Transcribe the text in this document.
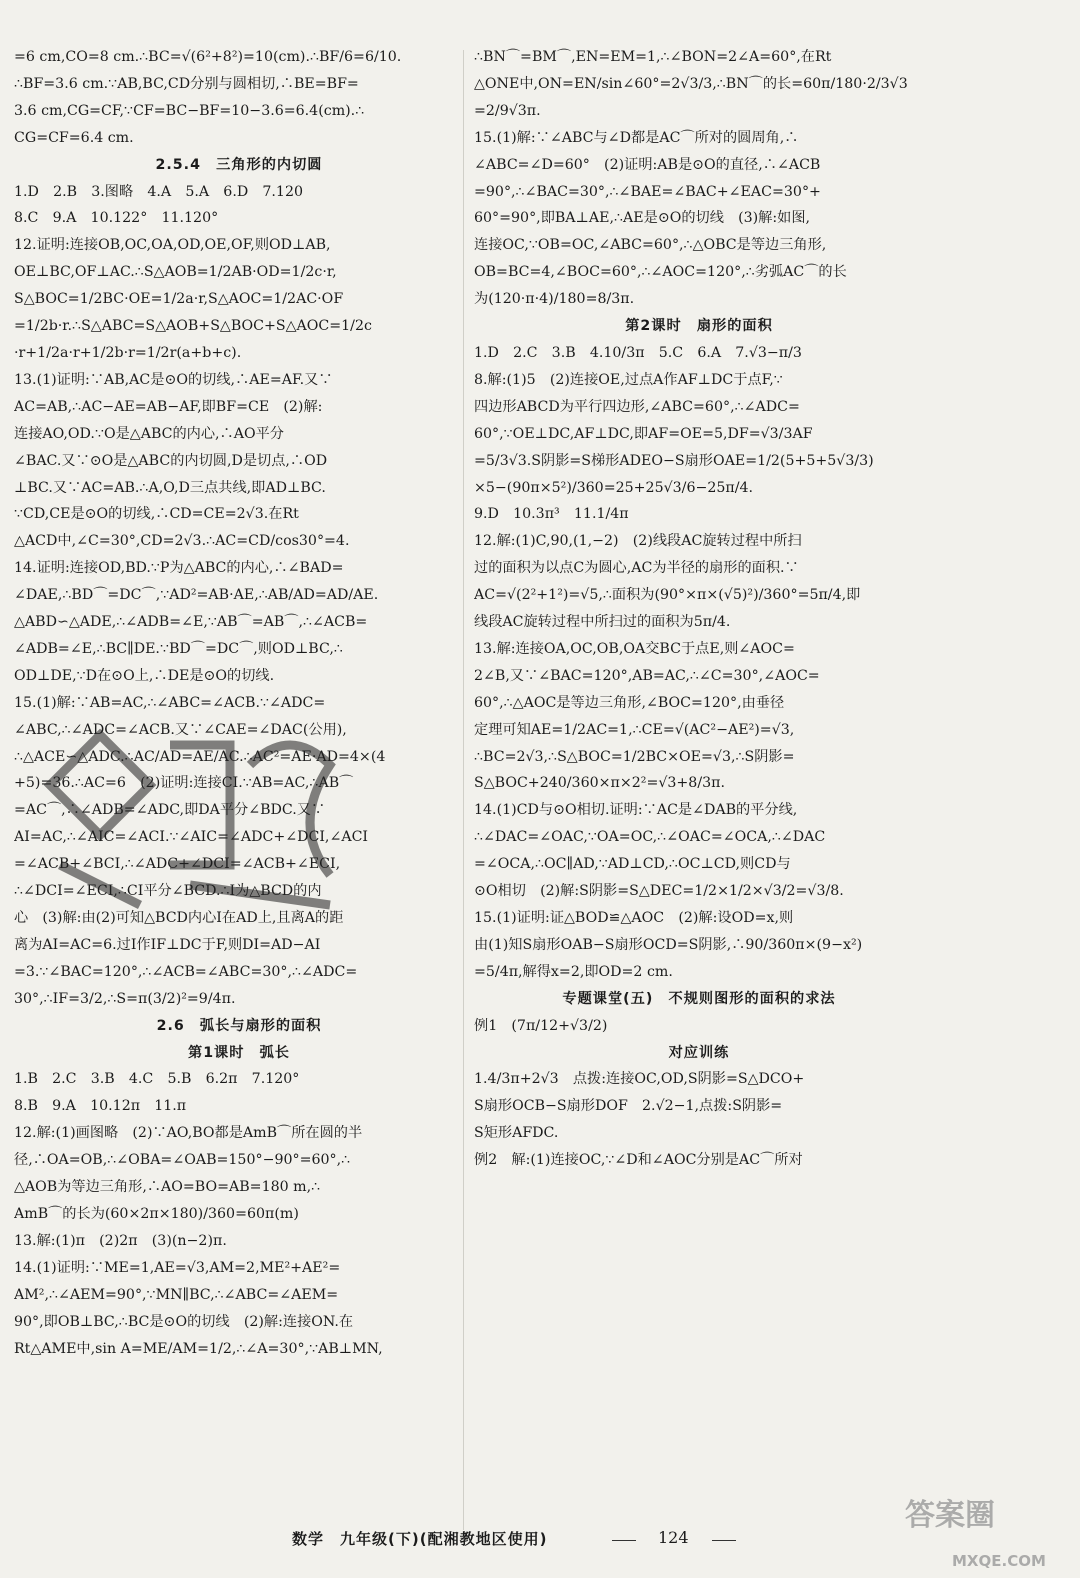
=6 cm,CO=8 cm.∴BC=√(6²+8²)=10(cm).∴BF/6=6/10.
∴BF=3.6 cm.∵AB,BC,CD分别与圆相切,∴BE=BF=
3.6 cm,CG=CF,∵CF=BC−BF=10−3.6=6.4(cm).∴
CG=CF=6.4 cm.
2.5.4　三角形的内切圆
1.D　2.B　3.图略　4.A　5.A　6.D　7.120
8.C　9.A　10.122°　11.120°
12.证明:连接OB,OC,OA,OD,OE,OF,则OD⊥AB,
OE⊥BC,OF⊥AC.∴S△AOB=1/2AB·OD=1/2c·r,
S△BOC=1/2BC·OE=1/2a·r,S△AOC=1/2AC·OF
=1/2b·r.∴S△ABC=S△AOB+S△BOC+S△AOC=1/2c
·r+1/2a·r+1/2b·r=1/2r(a+b+c).
13.(1)证明:∵AB,AC是⊙O的切线,∴AE=AF.又∵
AC=AB,∴AC−AE=AB−AF,即BF=CE　(2)解:
连接AO,OD.∵O是△ABC的内心,∴AO平分
∠BAC.又∵⊙O是△ABC的内切圆,D是切点,∴OD
⊥BC.又∵AC=AB.∴A,O,D三点共线,即AD⊥BC.
∵CD,CE是⊙O的切线,∴CD=CE=2√3.在Rt
△ACD中,∠C=30°,CD=2√3.∴AC=CD/cos30°=4.
14.证明:连接OD,BD.∵P为△ABC的内心,∴∠BAD=
∠DAE,∴BD⌒=DC⌒,∵AD²=AB·AE,∴AB/AD=AD/AE.
△ABD∽△ADE,∴∠ADB=∠E,∵AB⌒=AB⌒,∴∠ACB=
∠ADB=∠E,∴BC∥DE.∵BD⌒=DC⌒,则OD⊥BC,∴
OD⊥DE,∵D在⊙O上,∴DE是⊙O的切线.
15.(1)解:∵AB=AC,∴∠ABC=∠ACB.∵∠ADC=
∠ABC,∴∠ADC=∠ACB.又∵∠CAE=∠DAC(公用),
∴△ACE∽△ADC.∴AC/AD=AE/AC.∴AC²=AE·AD=4×(4
+5)=36.∴AC=6　(2)证明:连接CI.∵AB=AC,∴AB⌒
=AC⌒,∴∠ADB=∠ADC,即DA平分∠BDC.又∵
AI=AC,∴∠AIC=∠ACI.∵∠AIC=∠ADC+∠DCI,∠ACI
=∠ACB+∠BCI,∴∠ADC+∠DCI=∠ACB+∠ECI,
∴∠DCI=∠ECI,∴CI平分∠BCD.∴I为△BCD的内
心　(3)解:由(2)可知△BCD内心I在AD上,且离A的距
离为AI=AC=6.过I作IF⊥DC于F,则DI=AD−AI
=3.∵∠BAC=120°,∴∠ACB=∠ABC=30°,∴∠ADC=
30°,∴IF=3/2,∴S=π(3/2)²=9/4π.
2.6　弧长与扇形的面积
第1课时　弧长
1.B　2.C　3.B　4.C　5.B　6.2π　7.120°
8.B　9.A　10.12π　11.π
12.解:(1)画图略　(2)∵AO,BO都是AmB⌒所在圆的半
径,∴OA=OB,∴∠OBA=∠OAB=150°−90°=60°,∴
△AOB为等边三角形,∴AO=BO=AB=180 m,∴
AmB⌒的长为(60×2π×180)/360=60π(m)
13.解:(1)π　(2)2π　(3)(n−2)π.
14.(1)证明:∵ME=1,AE=√3,AM=2,ME²+AE²=
AM²,∴∠AEM=90°,∵MN∥BC,∴∠ABC=∠AEM=
90°,即OB⊥BC,∴BC是⊙O的切线　(2)解:连接ON.在
Rt△AME中,sin A=ME/AM=1/2,∴∠A=30°,∵AB⊥MN,
∴BN⌒=BM⌒,EN=EM=1,∴∠BON=2∠A=60°,在Rt
△ONE中,ON=EN/sin∠60°=2√3/3,∴BN⌒的长=60π/180·2/3√3
=2/9√3π.
15.(1)解:∵∠ABC与∠D都是AC⌒所对的圆周角,∴
∠ABC=∠D=60°　(2)证明:AB是⊙O的直径,∴∠ACB
=90°,∴∠BAC=30°,∴∠BAE=∠BAC+∠EAC=30°+
60°=90°,即BA⊥AE,∴AE是⊙O的切线　(3)解:如图,
连接OC,∵OB=OC,∠ABC=60°,∴△OBC是等边三角形,
OB=BC=4,∠BOC=60°,∴∠AOC=120°,∴劣弧AC⌒的长
为(120·π·4)/180=8/3π.
第2课时　扇形的面积
1.D　2.C　3.B　4.10/3π　5.C　6.A　7.√3−π/3
8.解:(1)5　(2)连接OE,过点A作AF⊥DC于点F,∵
四边形ABCD为平行四边形,∠ABC=60°,∴∠ADC=
60°,∵OE⊥DC,AF⊥DC,即AF=OE=5,DF=√3/3AF
=5/3√3.S阴影=S梯形ADEO−S扇形OAE=1/2(5+5+5√3/3)
×5−(90π×5²)/360=25+25√3/6−25π/4.
9.D　10.3π³　11.1/4π
12.解:(1)C,90,(1,−2)　(2)线段AC旋转过程中所扫
过的面积为以点C为圆心,AC为半径的扇形的面积.∵
AC=√(2²+1²)=√5,∴面积为(90°×π×(√5)²)/360°=5π/4,即
线段AC旋转过程中所扫过的面积为5π/4.
13.解:连接OA,OC,OB,OA交BC于点E,则∠AOC=
2∠B,又∵∠BAC=120°,AB=AC,∴∠C=30°,∠AOC=
60°,∴△AOC是等边三角形,∠BOC=120°,由垂径
定理可知AE=1/2AC=1,∴CE=√(AC²−AE²)=√3,
∴BC=2√3,∴S△BOC=1/2BC×OE=√3,∴S阴影=
S△BOC+240/360×π×2²=√3+8/3π.
14.(1)CD与⊙O相切.证明:∵AC是∠DAB的平分线,
∴∠DAC=∠OAC,∵OA=OC,∴∠OAC=∠OCA,∴∠DAC
=∠OCA,∴OC∥AD,∵AD⊥CD,∴OC⊥CD,则CD与
⊙O相切　(2)解:S阴影=S△DEC=1/2×1/2×√3/2=√3/8.
15.(1)证明:证△BOD≌△AOC　(2)解:设OD=x,则
由(1)知S扇形OAB−S扇形OCD=S阴影,∴90/360π×(9−x²)
=5/4π,解得x=2,即OD=2 cm.
专题课堂(五)　不规则图形的面积的求法
例1　(7π/12+√3/2)
对应训练
1.4/3π+2√3　点拨:连接OC,OD,S阴影=S△DCO+
S扇形OCB−S扇形DOF　2.√2−1,点拨:S阴影=
S矩形AFDC.
例2　解:(1)连接OC,∵∠D和∠AOC分别是AC⌒所对
数学　九年级(下)(配湘教地区使用)	124
答案圈
MXQE.COM
